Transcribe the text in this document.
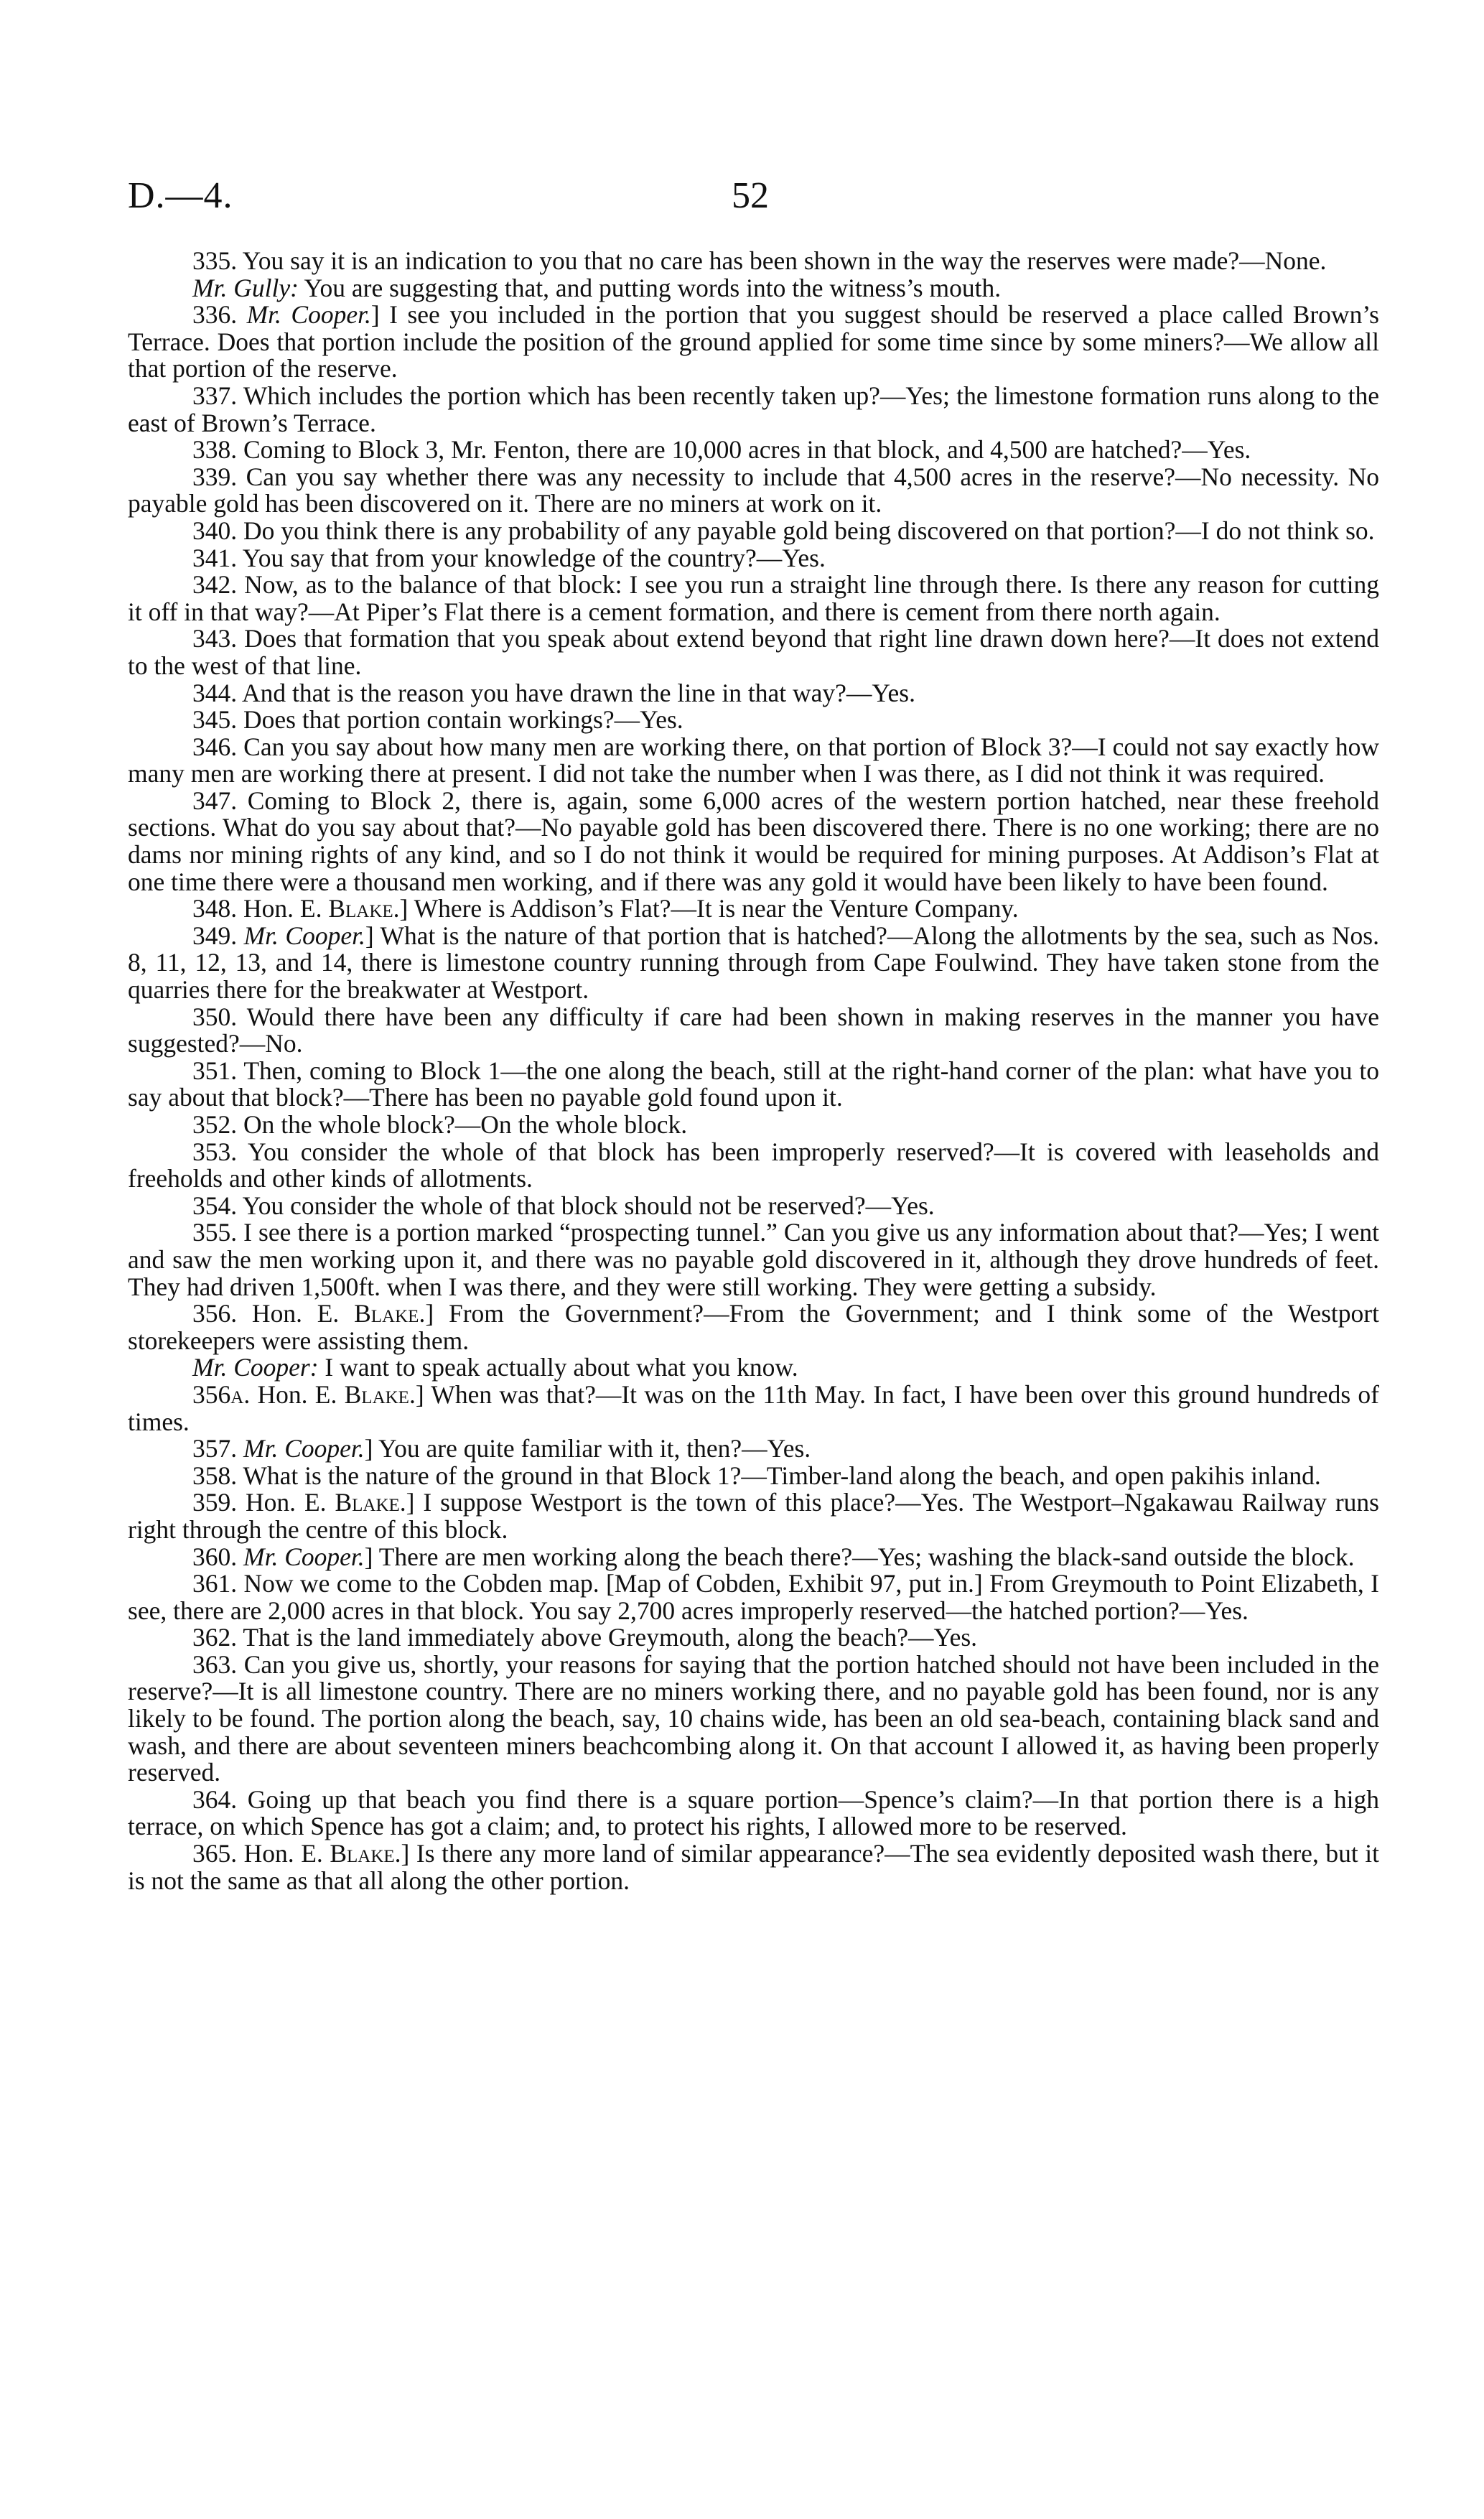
D.—4.	52

335. You say it is an indication to you that no care has been shown in the way the reserves were made?—None.

Mr. Gully: You are suggesting that, and putting words into the witness’s mouth.

336. Mr. Cooper.] I see you included in the portion that you suggest should be reserved a place called Brown’s Terrace. Does that portion include the position of the ground applied for some time since by some miners?—We allow all that portion of the reserve.

337. Which includes the portion which has been recently taken up?—Yes; the limestone formation runs along to the east of Brown’s Terrace.

338. Coming to Block 3, Mr. Fenton, there are 10,000 acres in that block, and 4,500 are hatched?—Yes.

339. Can you say whether there was any necessity to include that 4,500 acres in the reserve?—No necessity. No payable gold has been discovered on it. There are no miners at work on it.

340. Do you think there is any probability of any payable gold being discovered on that portion?—I do not think so.

341. You say that from your knowledge of the country?—Yes.

342. Now, as to the balance of that block: I see you run a straight line through there. Is there any reason for cutting it off in that way?—At Piper’s Flat there is a cement formation, and there is cement from there north again.

343. Does that formation that you speak about extend beyond that right line drawn down here?—It does not extend to the west of that line.

344. And that is the reason you have drawn the line in that way?—Yes.

345. Does that portion contain workings?—Yes.

346. Can you say about how many men are working there, on that portion of Block 3?—I could not say exactly how many men are working there at present. I did not take the number when I was there, as I did not think it was required.

347. Coming to Block 2, there is, again, some 6,000 acres of the western portion hatched, near these freehold sections. What do you say about that?—No payable gold has been discovered there. There is no one working; there are no dams nor mining rights of any kind, and so I do not think it would be required for mining purposes. At Addison’s Flat at one time there were a thousand men working, and if there was any gold it would have been likely to have been found.

348. Hon. E. Blake.] Where is Addison’s Flat?—It is near the Venture Company.

349. Mr. Cooper.] What is the nature of that portion that is hatched?—Along the allotments by the sea, such as Nos. 8, 11, 12, 13, and 14, there is limestone country running through from Cape Foulwind. They have taken stone from the quarries there for the breakwater at Westport.

350. Would there have been any difficulty if care had been shown in making reserves in the manner you have suggested?—No.

351. Then, coming to Block 1—the one along the beach, still at the right-hand corner of the plan: what have you to say about that block?—There has been no payable gold found upon it.

352. On the whole block?—On the whole block.

353. You consider the whole of that block has been improperly reserved?—It is covered with leaseholds and freeholds and other kinds of allotments.

354. You consider the whole of that block should not be reserved?—Yes.

355. I see there is a portion marked “prospecting tunnel.” Can you give us any information about that?—Yes; I went and saw the men working upon it, and there was no payable gold discovered in it, although they drove hundreds of feet. They had driven 1,500ft. when I was there, and they were still working. They were getting a subsidy.

356. Hon. E. Blake.] From the Government?—From the Government; and I think some of the Westport storekeepers were assisting them.

Mr. Cooper: I want to speak actually about what you know.

356a. Hon. E. Blake.] When was that?—It was on the 11th May. In fact, I have been over this ground hundreds of times.

357. Mr. Cooper.] You are quite familiar with it, then?—Yes.

358. What is the nature of the ground in that Block 1?—Timber-land along the beach, and open pakihis inland.

359. Hon. E. Blake.] I suppose Westport is the town of this place?—Yes. The Westport–Ngakawau Railway runs right through the centre of this block.

360. Mr. Cooper.] There are men working along the beach there?—Yes; washing the black-sand outside the block.

361. Now we come to the Cobden map. [Map of Cobden, Exhibit 97, put in.] From Greymouth to Point Elizabeth, I see, there are 2,000 acres in that block. You say 2,700 acres improperly reserved—the hatched portion?—Yes.

362. That is the land immediately above Greymouth, along the beach?—Yes.

363. Can you give us, shortly, your reasons for saying that the portion hatched should not have been included in the reserve?—It is all limestone country. There are no miners working there, and no payable gold has been found, nor is any likely to be found. The portion along the beach, say, 10 chains wide, has been an old sea-beach, containing black sand and wash, and there are about seventeen miners beachcombing along it. On that account I allowed it, as having been properly reserved.

364. Going up that beach you find there is a square portion—Spence’s claim?—In that portion there is a high terrace, on which Spence has got a claim; and, to protect his rights, I allowed more to be reserved.

365. Hon. E. Blake.] Is there any more land of similar appearance?—The sea evidently deposited wash there, but it is not the same as that all along the other portion.
